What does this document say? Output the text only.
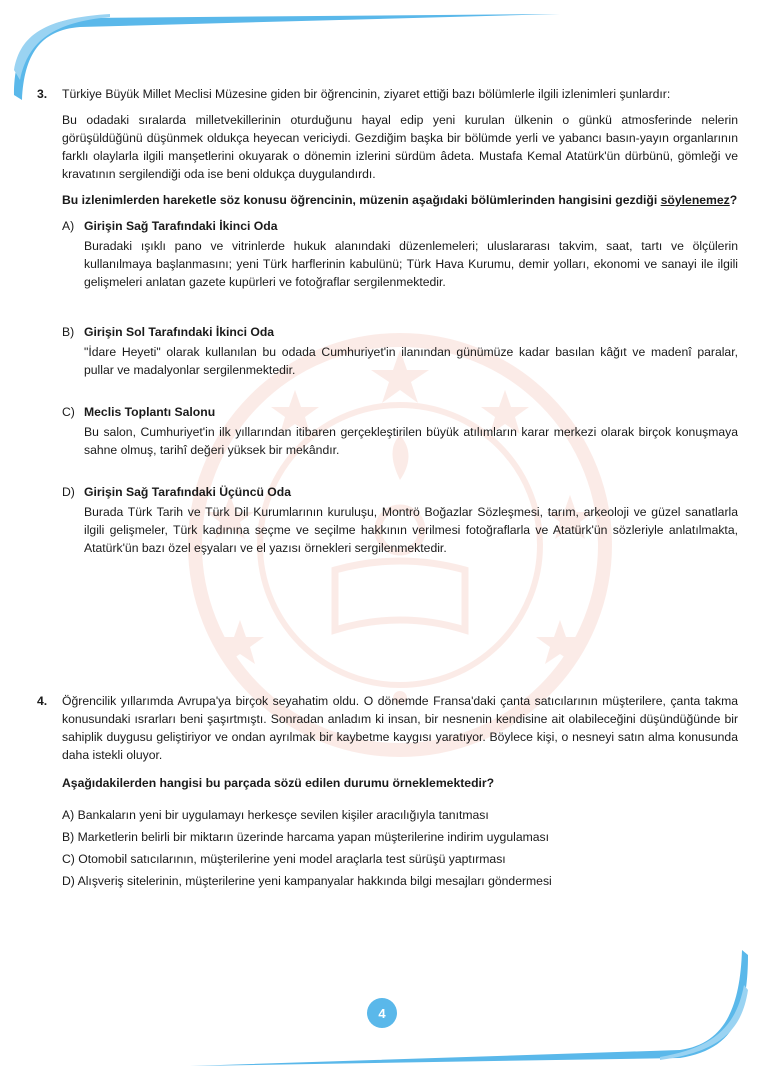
3. Türkiye Büyük Millet Meclisi Müzesine giden bir öğrencinin, ziyaret ettiği bazı bölümlerle ilgili izlenimleri şunlardır:

Bu odadaki sıralarda milletvekillerinin oturduğunu hayal edip yeni kurulan ülkenin o günkü atmosferinde nelerin görüşüldüğünü düşünmek oldukça heyecan vericiydi. Gezdiğim başka bir bölümde yerli ve yabancı basın-yayın organlarının farklı olaylarla ilgili manşetlerini okuyarak o dönemin izlerini sürdüm âdeta. Mustafa Kemal Atatürk'ün dürbünü, gömleği ve kravatının sergilendiği oda ise beni oldukça duygulandırdı.

Bu izlenimlerden hareketle söz konusu öğrencinin, müzenin aşağıdaki bölümlerinden hangisini gezdiği söylenemez?

A) Girişin Sağ Tarafındaki İkinci Oda

Buradaki ışıklı pano ve vitrinlerde hukuk alanındaki düzenlemeleri; uluslararası takvim, saat, tartı ve ölçülerin kullanılmaya başlanmasını; yeni Türk harflerinin kabulünü; Türk Hava Kurumu, demir yolları, ekonomi ve sanayi ile ilgili gelişmeleri anlatan gazete kupürleri ve fotoğraflar sergilenmektedir.

B) Girişin Sol Tarafındaki İkinci Oda

"İdare Heyeti" olarak kullanılan bu odada Cumhuriyet'in ilanından günümüze kadar basılan kâğıt ve madenî paralar, pullar ve madalyonlar sergilenmektedir.

C) Meclis Toplantı Salonu

Bu salon, Cumhuriyet'in ilk yıllarından itibaren gerçekleştirilen büyük atılımların karar merkezi olarak birçok konuşmaya sahne olmuş, tarihî değeri yüksek bir mekândır.

D) Girişin Sağ Tarafındaki Üçüncü Oda

Burada Türk Tarih ve Türk Dil Kurumlarının kuruluşu, Montrö Boğazlar Sözleşmesi, tarım, arkeoloji ve güzel sanatlarla ilgili gelişmeler, Türk kadınına seçme ve seçilme hakkının verilmesi fotoğraflarla ve Atatürk'ün sözleriyle anlatılmakta, Atatürk'ün bazı özel eşyaları ve el yazısı örnekleri sergilenmektedir.

4. Öğrencilik yıllarımda Avrupa'ya birçok seyahatim oldu. O dönemde Fransa'daki çanta satıcılarının müşterilere, çanta takma konusundaki ısrarları beni şaşırtmıştı. Sonradan anladım ki insan, bir nesnenin kendisine ait olabileceğini düşündüğünde bir sahiplik duygusu geliştiriyor ve ondan ayrılmak bir kaybetme kaygısı yaratıyor. Böylece kişi, o nesneyi satın alma konusunda daha istekli oluyor.

Aşağıdakilerden hangisi bu parçada sözü edilen durumu örneklemektedir?

A) Bankaların yeni bir uygulamayı herkesçe sevilen kişiler aracılığıyla tanıtması
B) Marketlerin belirli bir miktarın üzerinde harcama yapan müşterilerine indirim uygulaması
C) Otomobil satıcılarının, müşterilerine yeni model araçlarla test sürüşü yaptırması
D) Alışveriş sitelerinin, müşterilerine yeni kampanyalar hakkında bilgi mesajları göndermesi
4
